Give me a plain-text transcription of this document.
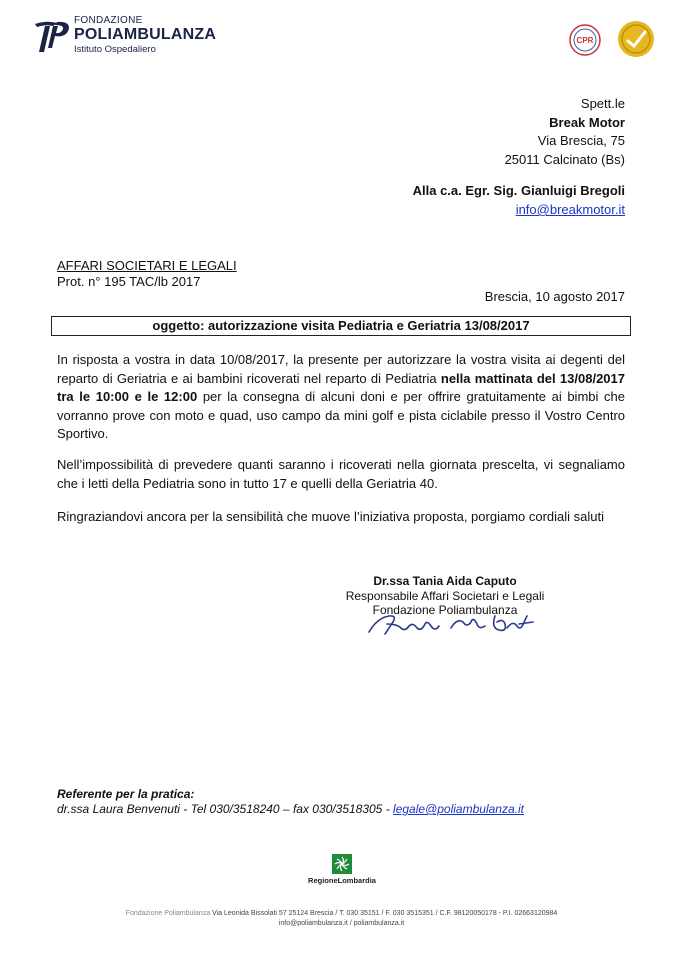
FONDAZIONE
POLIAMBULANZA
Istituto Ospedaliero
CPR
Spett.le
Break Motor
Via Brescia, 75
25011 Calcinato (Bs)
Alla c.a. Egr. Sig. Gianluigi Bregoli
info@breakmotor.it
AFFARI SOCIETARI E LEGALI
Prot. n° 195 TAC/lb 2017
Brescia, 10 agosto 2017
oggetto: autorizzazione visita Pediatria e Geriatria 13/08/2017
In risposta a vostra in data 10/08/2017, la presente per autorizzare la vostra visita ai degenti del reparto di Geriatria e ai bambini ricoverati nel reparto di Pediatria nella mattinata del 13/08/2017 tra le 10:00 e le 12:00 per la consegna di alcuni doni e per offrire gratuitamente ai bimbi che vorranno prove con moto e quad, uso campo da mini golf e pista ciclabile presso il Vostro Centro Sportivo.
Nell’impossibilità di prevedere quanti saranno i ricoverati nella giornata prescelta, vi segnaliamo che i letti della Pediatria sono in tutto 17 e quelli della Geriatria 40.
Ringraziandovi ancora per la sensibilità che muove l’iniziativa proposta, porgiamo cordiali saluti
Dr.ssa Tania Aida Caputo
Responsabile Affari Societari e Legali
Fondazione Poliambulanza
Referente per la pratica:
dr.ssa Laura Benvenuti - Tel 030/3518240 – fax 030/3518305 - legale@poliambulanza.it
RegioneLombardia
Fondazione Poliambulanza Via Leonida Bissolati 57 25124 Brescia / T. 030 35151 / F. 030 3515351 / C.F. 98120050178 - P.I. 02663120984
info@poliambulanza.it / poliambulanza.it
